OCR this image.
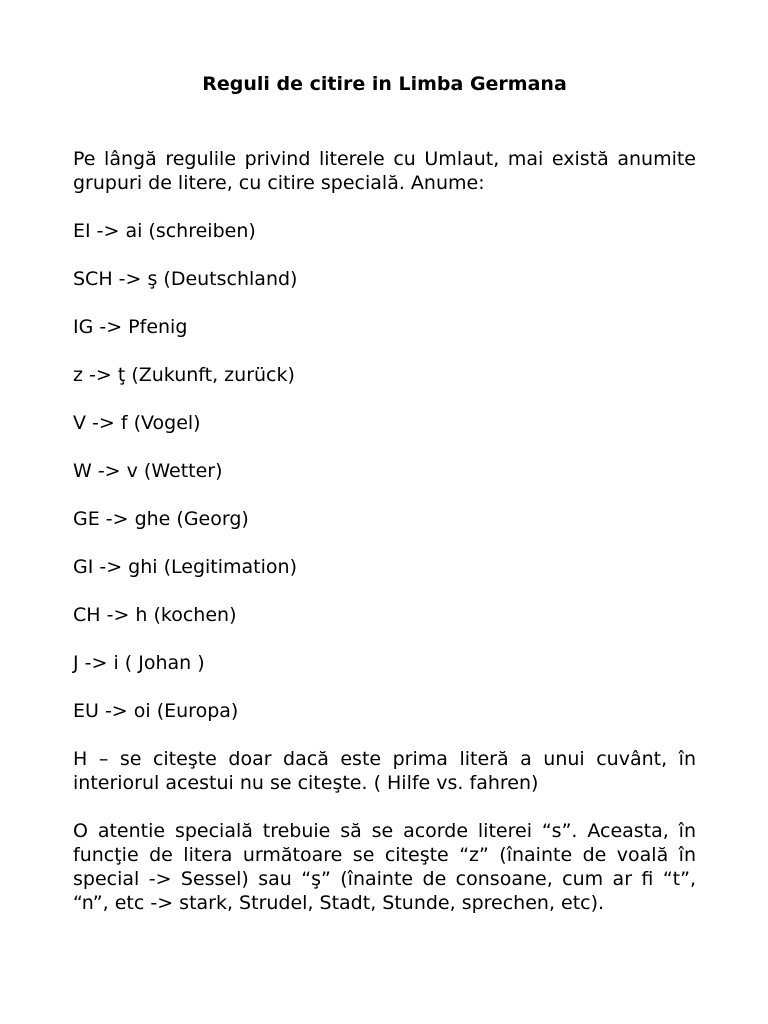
Reguli de citire in Limba Germana
Pe lângă regulile privind literele cu Umlaut, mai există anumite grupuri de litere, cu citire specială. Anume:
EI -> ai (schreiben)
SCH -> ş (Deutschland)
IG -> Pfenig
z -> ţ (Zukunft, zurück)
V -> f (Vogel)
W -> v (Wetter)
GE -> ghe (Georg)
GI -> ghi (Legitimation)
CH -> h (kochen)
J -> i ( Johan )
EU -> oi (Europa)
H – se citeşte doar dacă este prima literă a unui cuvânt, în interiorul acestui nu se citeşte. ( Hilfe vs. fahren)
O atentie specială trebuie să se acorde literei “s”. Aceasta, în funcţie de litera următoare se citeşte “z” (înainte de voală în special -> Sessel) sau “ş” (înainte de consoane, cum ar fi “t”, “n”, etc -> stark, Strudel, Stadt, Stunde, sprechen, etc).
